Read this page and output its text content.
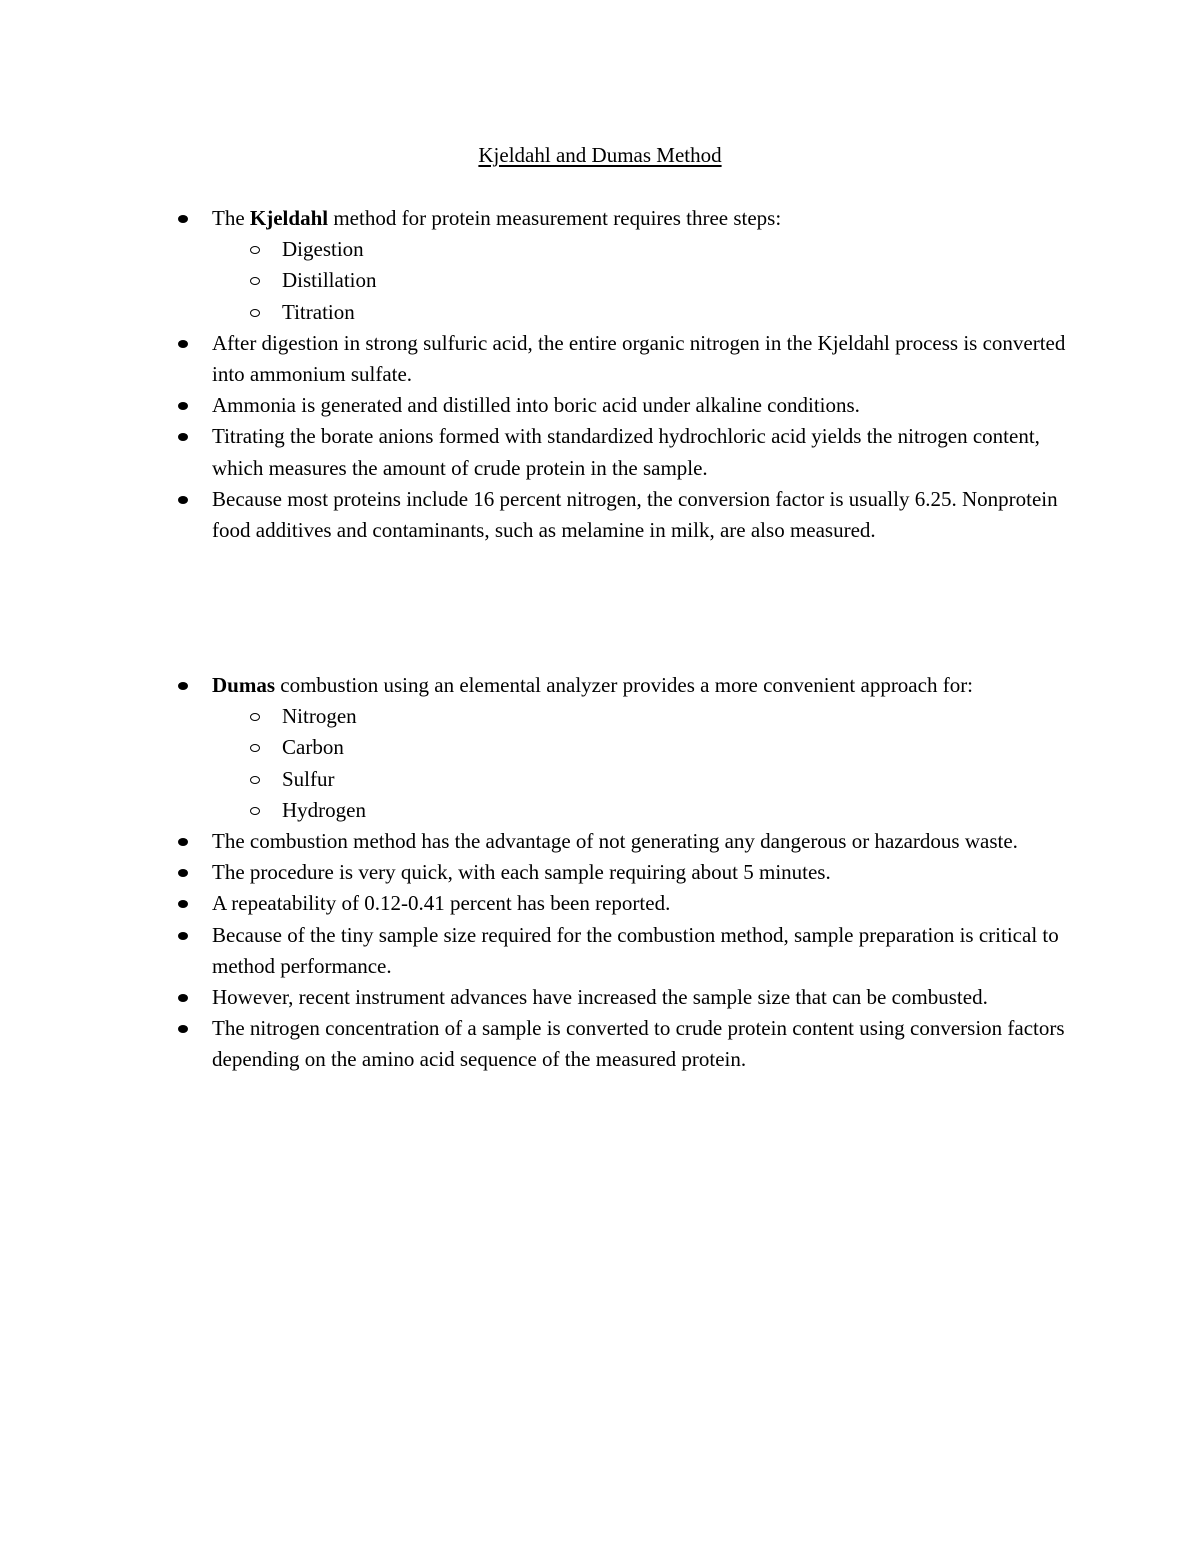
Kjeldahl and Dumas Method
The Kjeldahl method for protein measurement requires three steps:
Digestion
Distillation
Titration
After digestion in strong sulfuric acid, the entire organic nitrogen in the Kjeldahl process is converted into ammonium sulfate.
Ammonia is generated and distilled into boric acid under alkaline conditions.
Titrating the borate anions formed with standardized hydrochloric acid yields the nitrogen content, which measures the amount of crude protein in the sample.
Because most proteins include 16 percent nitrogen, the conversion factor is usually 6.25. Nonprotein food additives and contaminants, such as melamine in milk, are also measured.
Dumas combustion using an elemental analyzer provides a more convenient approach for:
Nitrogen
Carbon
Sulfur
Hydrogen
The combustion method has the advantage of not generating any dangerous or hazardous waste.
The procedure is very quick, with each sample requiring about 5 minutes.
A repeatability of 0.12-0.41 percent has been reported.
Because of the tiny sample size required for the combustion method, sample preparation is critical to method performance.
However, recent instrument advances have increased the sample size that can be combusted.
The nitrogen concentration of a sample is converted to crude protein content using conversion factors depending on the amino acid sequence of the measured protein.
